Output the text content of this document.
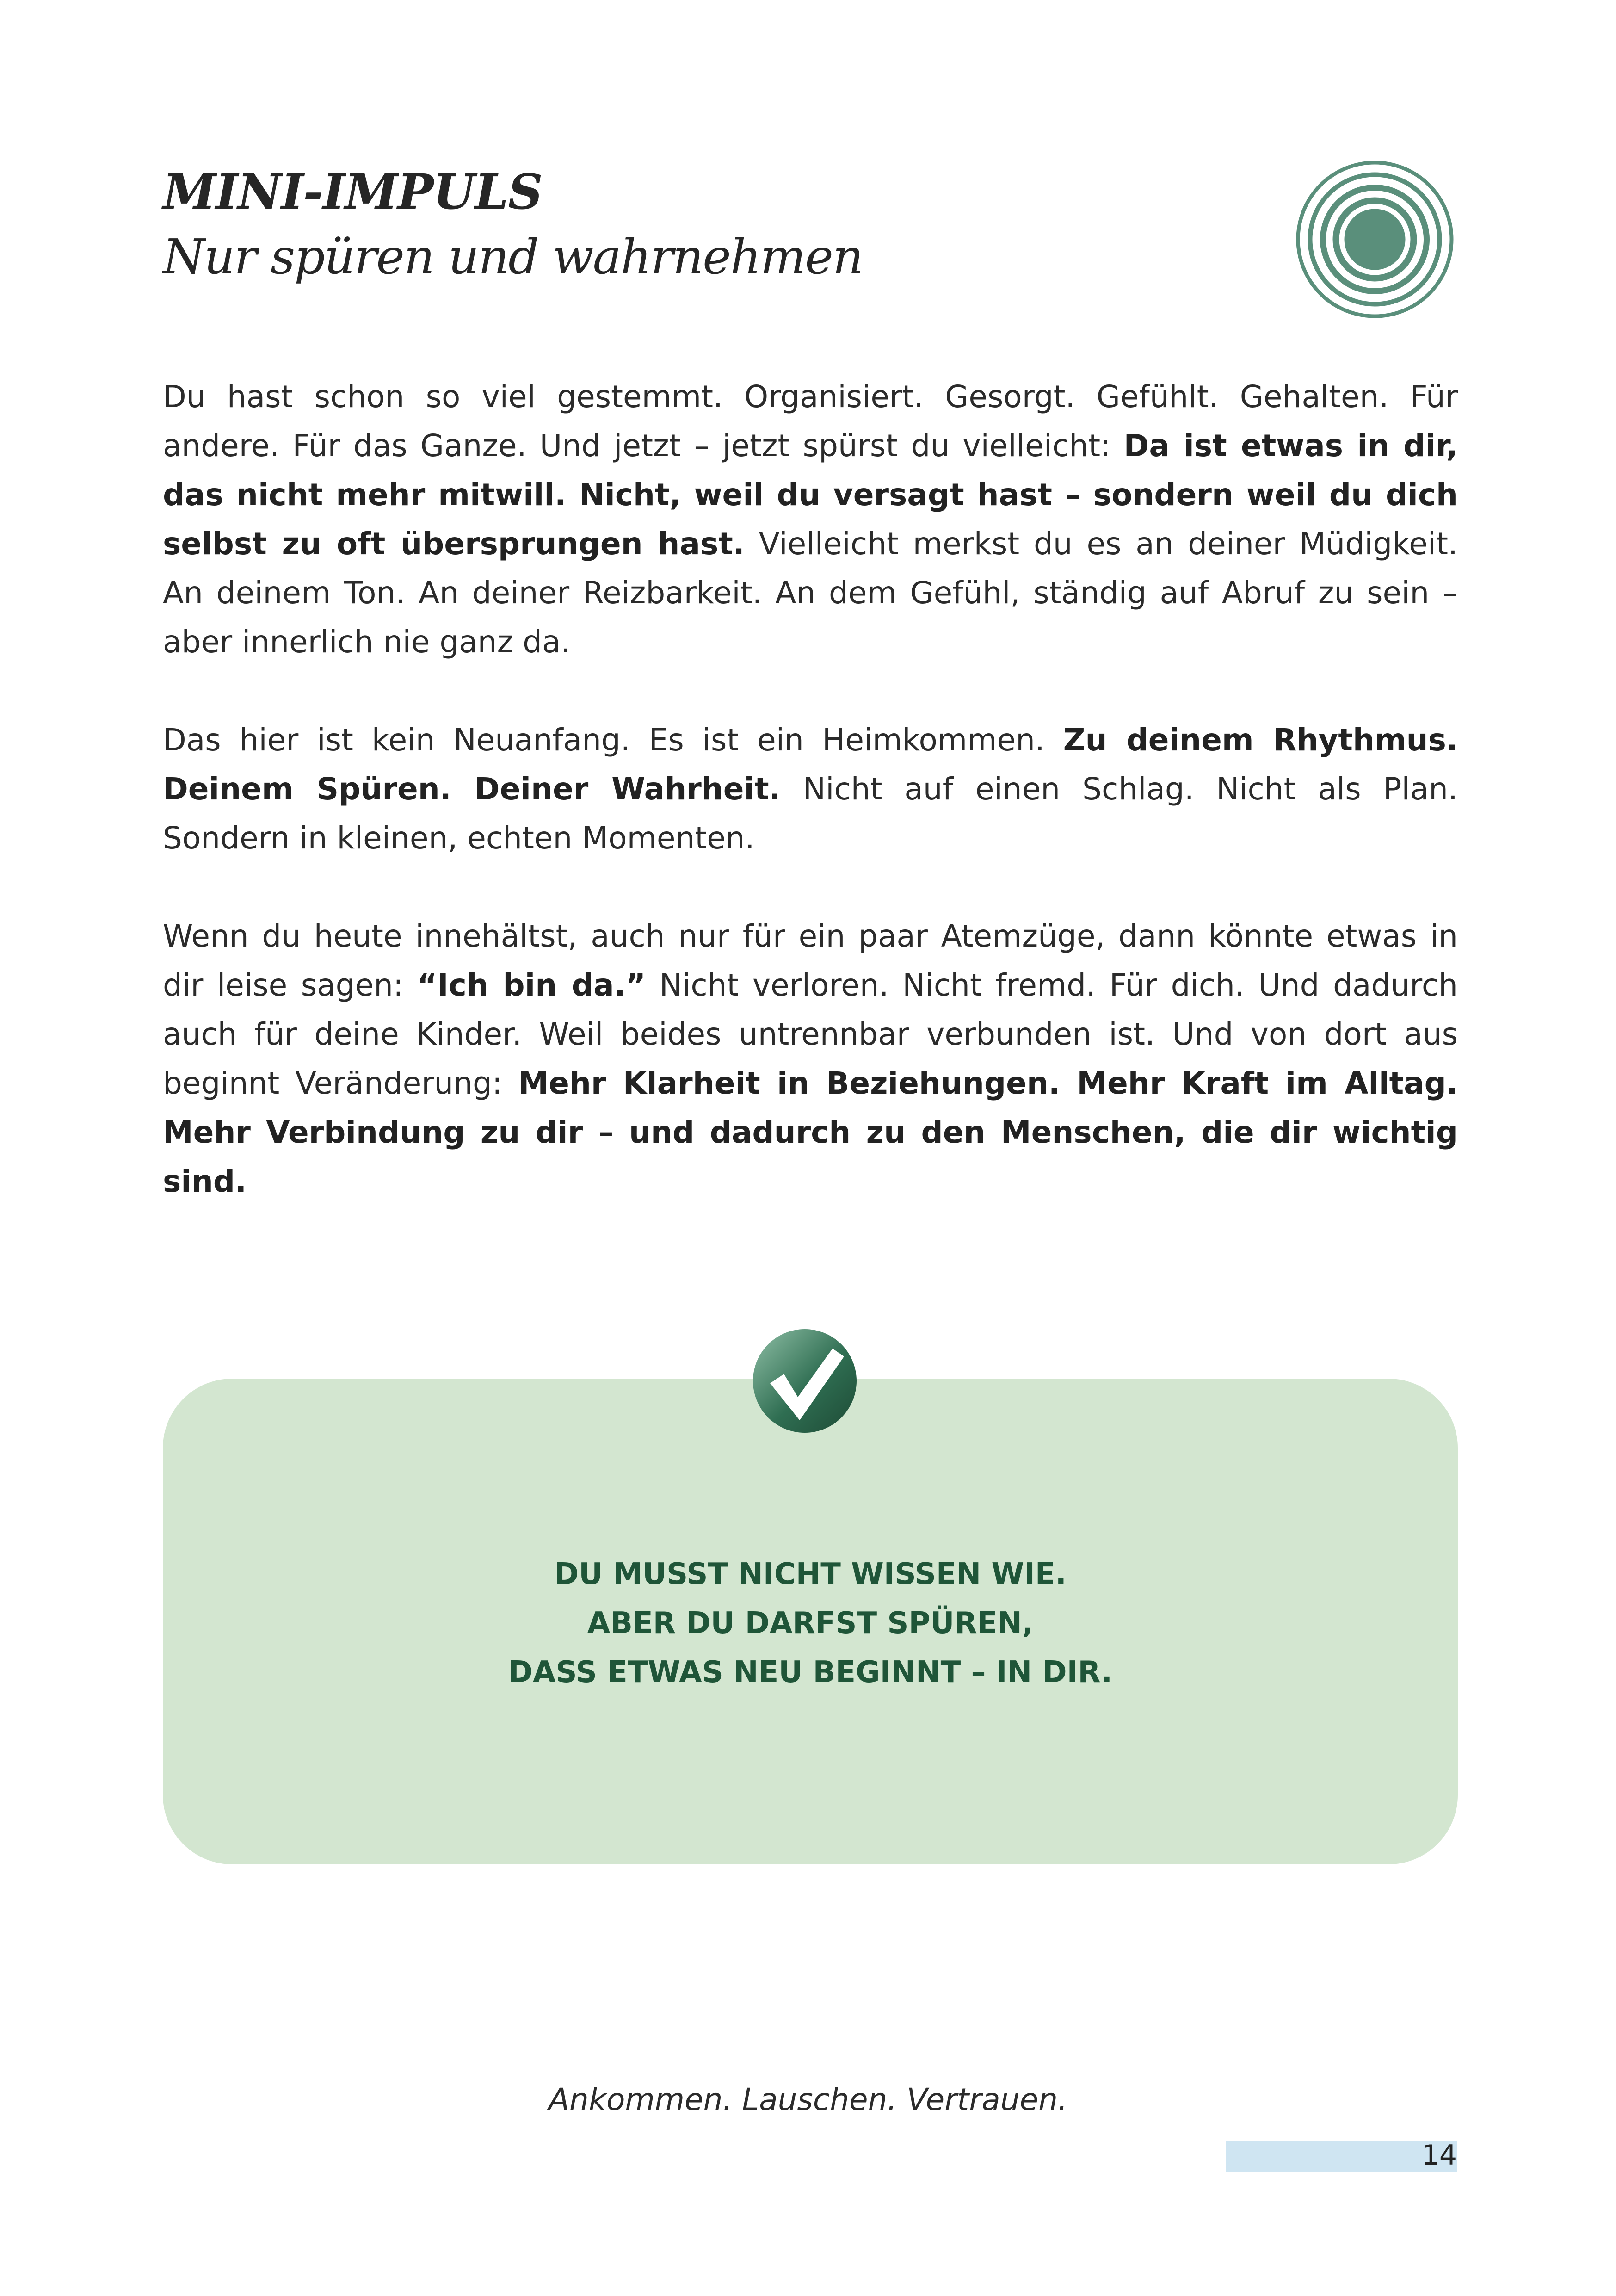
MINI-IMPULS
Nur spüren und wahrnehmen

Du hast schon so viel gestemmt. Organisiert. Gesorgt. Gefühlt. Gehalten. Für andere. Für das Ganze. Und jetzt – jetzt spürst du vielleicht: Da ist etwas in dir, das nicht mehr mitwill. Nicht, weil du versagt hast – sondern weil du dich selbst zu oft übersprungen hast. Vielleicht merkst du es an deiner Müdigkeit. An deinem Ton. An deiner Reizbarkeit. An dem Gefühl, ständig auf Abruf zu sein – aber innerlich nie ganz da.

Das hier ist kein Neuanfang. Es ist ein Heimkommen. Zu deinem Rhythmus. Deinem Spüren. Deiner Wahrheit. Nicht auf einen Schlag. Nicht als Plan. Sondern in kleinen, echten Momenten.

Wenn du heute innehältst, auch nur für ein paar Atemzüge, dann könnte etwas in dir leise sagen: “Ich bin da.” Nicht verloren. Nicht fremd. Für dich. Und dadurch auch für deine Kinder. Weil beides untrennbar verbunden ist. Und von dort aus beginnt Veränderung: Mehr Klarheit in Beziehungen. Mehr Kraft im Alltag. Mehr Verbindung zu dir – und dadurch zu den Menschen, die dir wichtig sind.

DU MUSST NICHT WISSEN WIE.
ABER DU DARFST SPÜREN,
DASS ETWAS NEU BEGINNT – IN DIR.
Ankommen. Lauschen. Vertrauen.
14
